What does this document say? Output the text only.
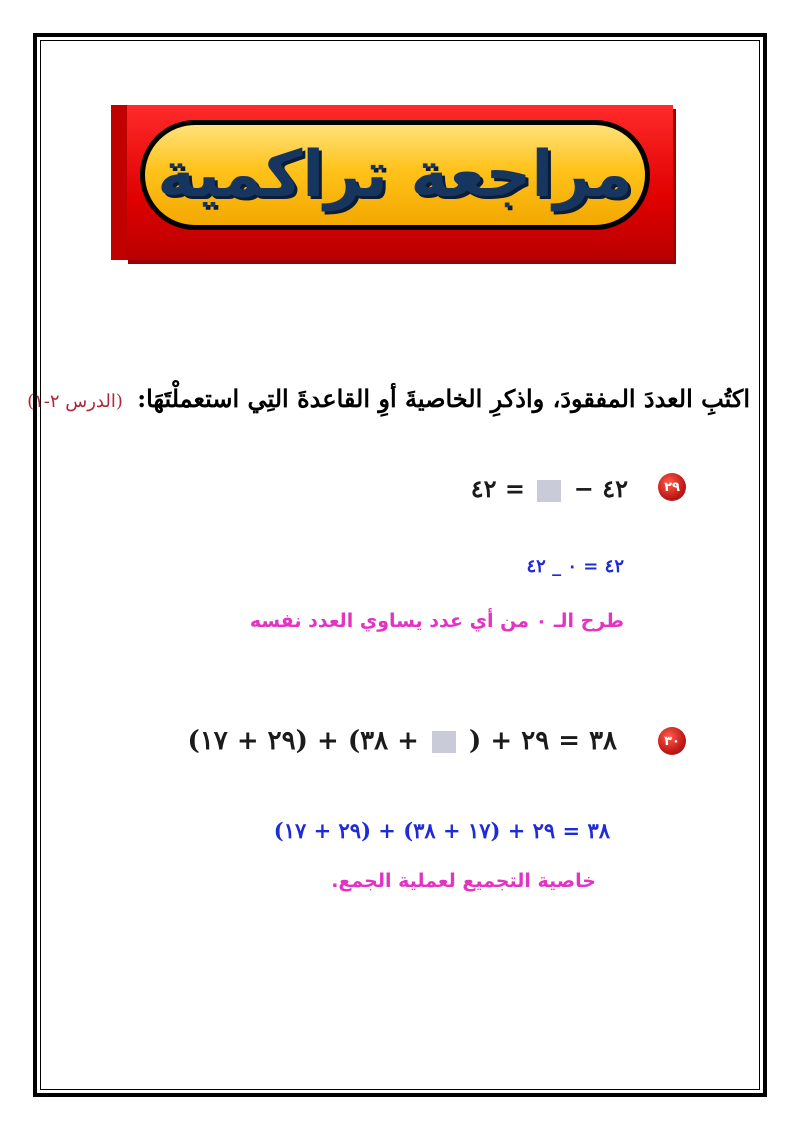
مراجعة تراكمية
اكتُبِ العددَ المفقودَ، واذكرِ الخاصيةَ أوِ القاعدةَ التِي استعملْتَهَا: (الدرس ٢-١)
٢٩
٤٢ −  = ٤٢
٤٢ = ٠ _ ٤٢
طرح الـ ٠ من أي عدد يساوي العدد نفسه
٣٠
(٢٩ + ١٧) + ٣٨ = ٢٩ + (  + ٣٨)
(٢٩ + ١٧) + ٣٨ = ٢٩ + (١٧ + ٣٨)
خاصية التجميع لعملية الجمع.
